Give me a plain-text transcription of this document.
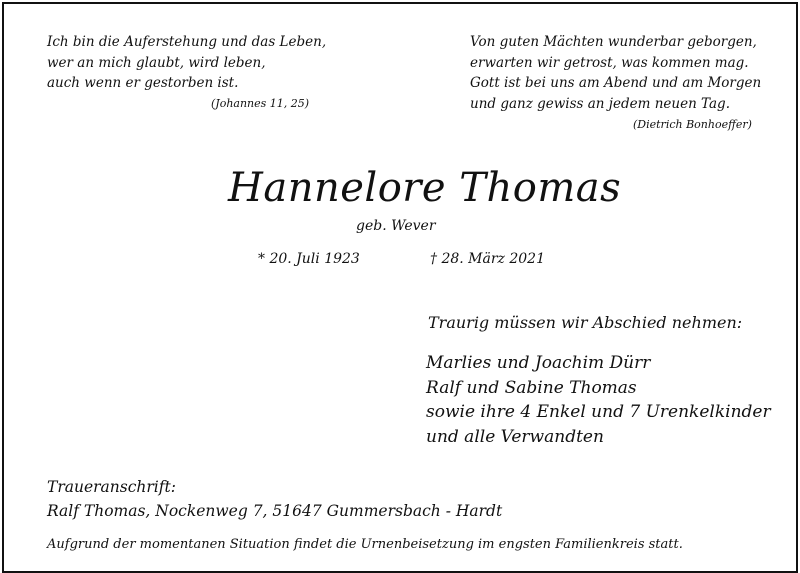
Ich bin die Auferstehung und das Leben,
wer an mich glaubt, wird leben,
auch wenn er gestorben ist.
(Johannes 11, 25)
Von guten Mächten wunderbar geborgen,
erwarten wir getrost, was kommen mag.
Gott ist bei uns am Abend und am Morgen
und ganz gewiss an jedem neuen Tag.
(Dietrich Bonhoeffer)
Hannelore Thomas
geb. Wever
* 20. Juli 1923	† 28. März 2021
Traurig müssen wir Abschied nehmen:
Marlies und Joachim Dürr
Ralf und Sabine Thomas
sowie ihre 4 Enkel und 7 Urenkelkinder
und alle Verwandten
Traueranschrift:
Ralf Thomas, Nockenweg 7, 51647 Gummersbach - Hardt
Aufgrund der momentanen Situation findet die Urnenbeisetzung im engsten Familienkreis statt.
